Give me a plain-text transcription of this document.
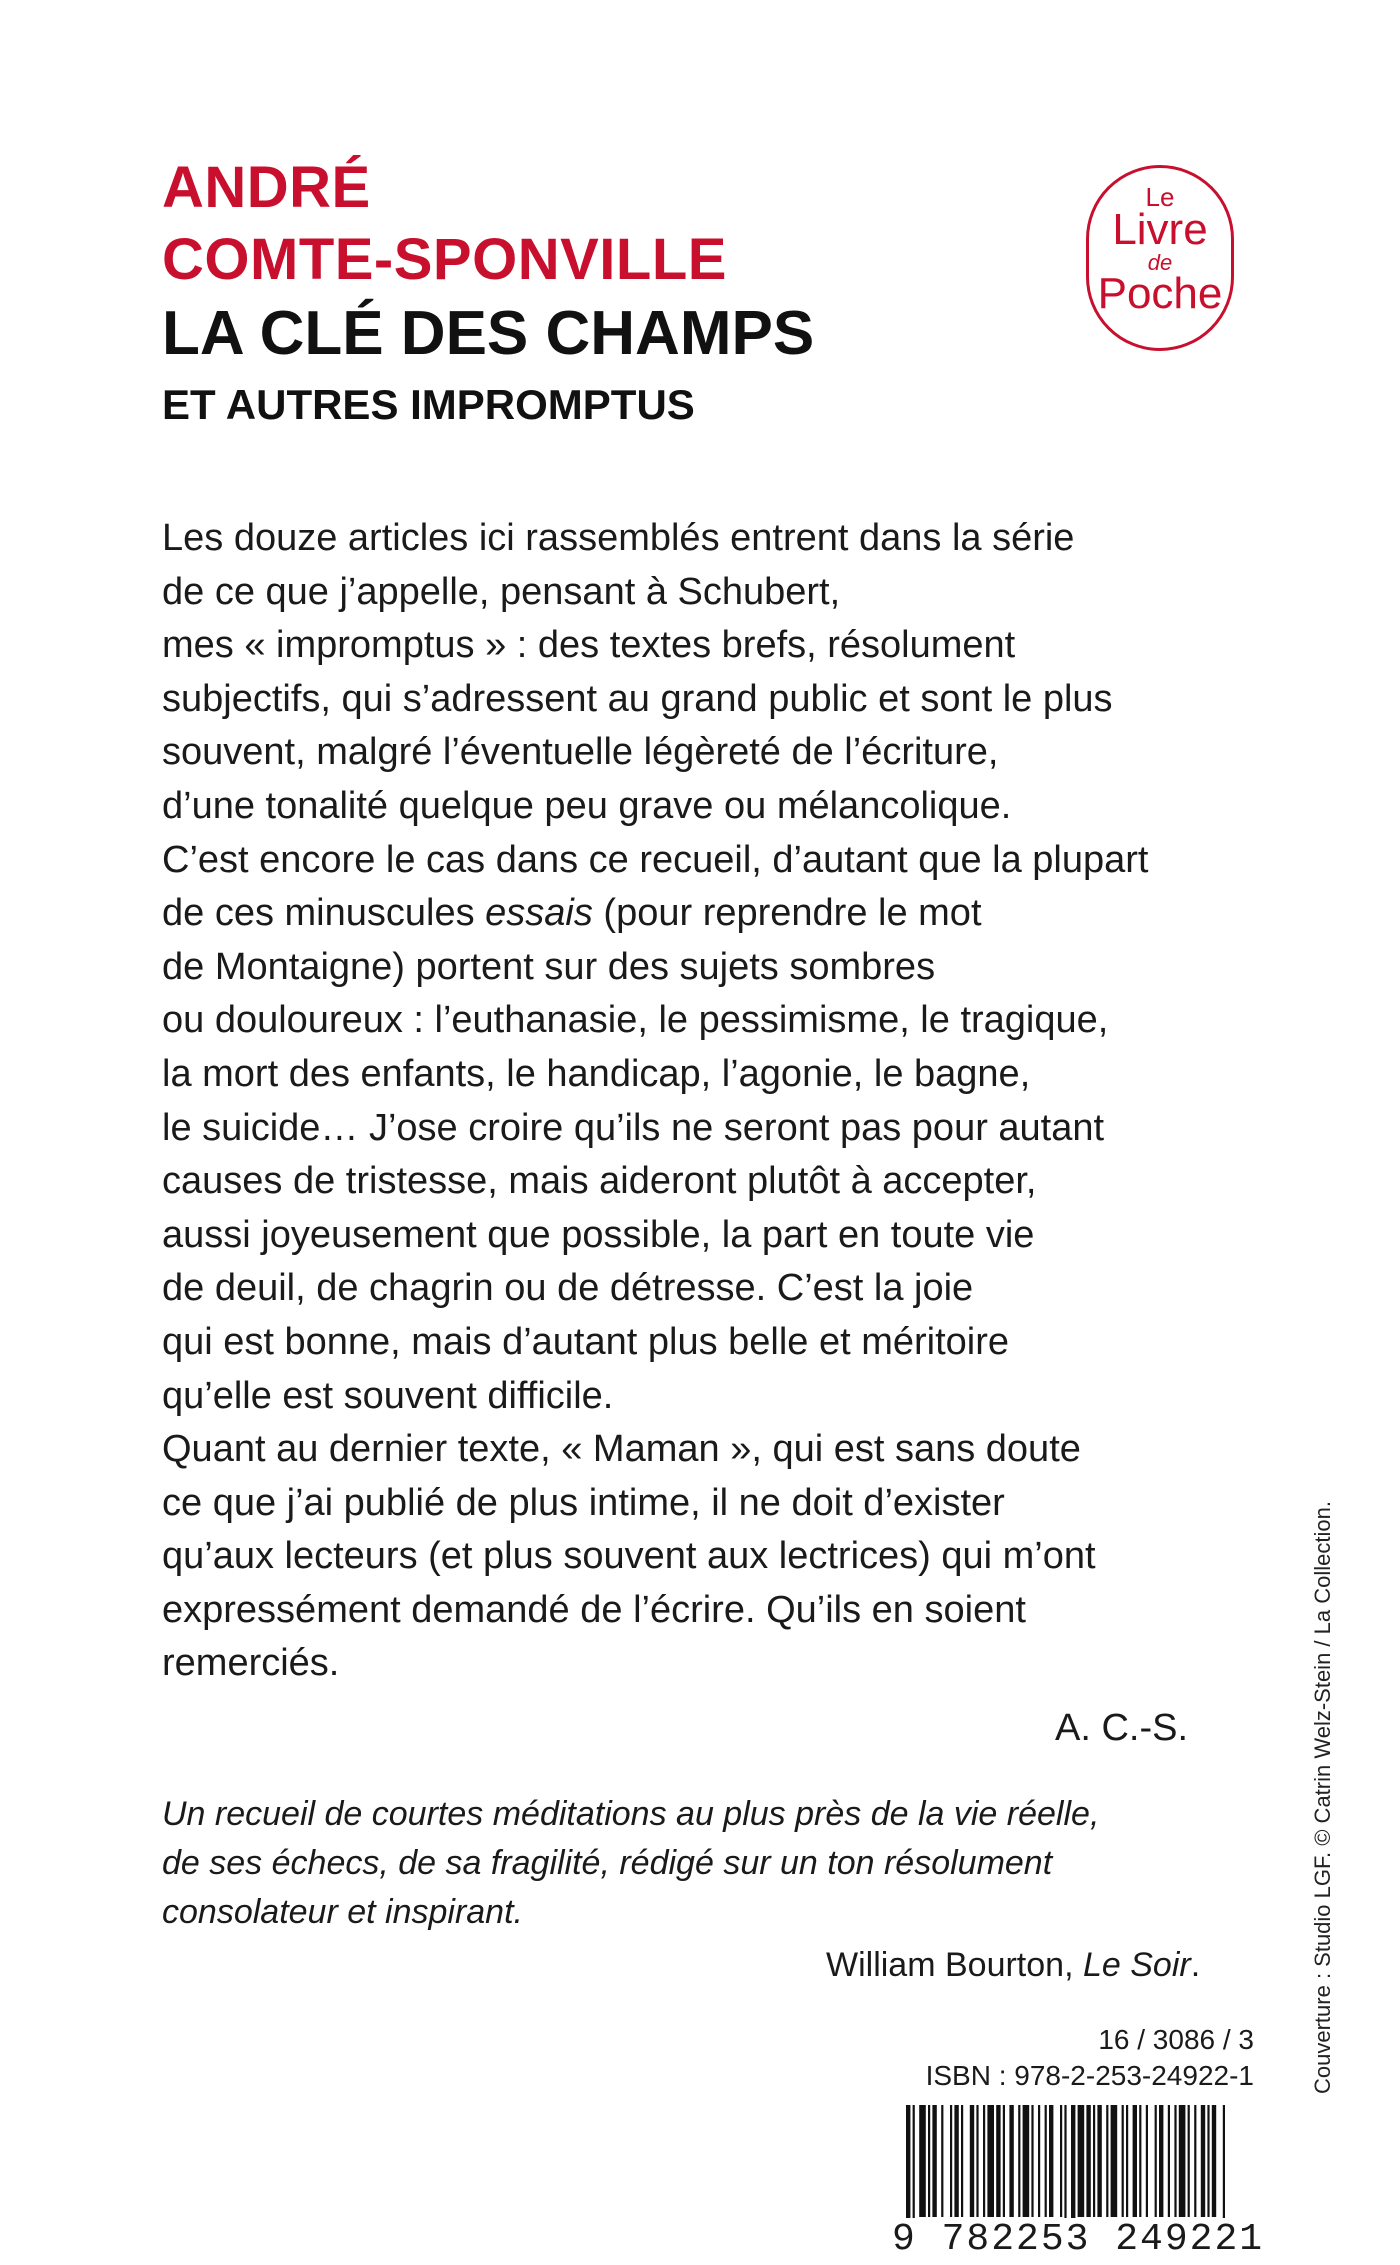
ANDRÉ
COMTE-SPONVILLE
LA CLÉ DES CHAMPS
ET AUTRES IMPROMPTUS
Le
Livre
de
Poche
Les douze articles ici rassemblés entrent dans la série
de ce que j’appelle, pensant à Schubert,
mes « impromptus » : des textes brefs, résolument
subjectifs, qui s’adressent au grand public et sont le plus
souvent, malgré l’éventuelle légèreté de l’écriture,
d’une tonalité quelque peu grave ou mélancolique.
C’est encore le cas dans ce recueil, d’autant que la plupart
de ces minuscules essais (pour reprendre le mot
de Montaigne) portent sur des sujets sombres
ou douloureux : l’euthanasie, le pessimisme, le tragique,
la mort des enfants, le handicap, l’agonie, le bagne,
le suicide… J’ose croire qu’ils ne seront pas pour autant
causes de tristesse, mais aideront plutôt à accepter,
aussi joyeusement que possible, la part en toute vie
de deuil, de chagrin ou de détresse. C’est la joie
qui est bonne, mais d’autant plus belle et méritoire
qu’elle est souvent difficile.
Quant au dernier texte, « Maman », qui est sans doute
ce que j’ai publié de plus intime, il ne doit d’exister
qu’aux lecteurs (et plus souvent aux lectrices) qui m’ont
expressément demandé de l’écrire. Qu’ils en soient
remerciés.
A. C.-S.
Un recueil de courtes méditations au plus près de la vie réelle,
de ses échecs, de sa fragilité, rédigé sur un ton résolument
consolateur et inspirant.
William Bourton, Le Soir.
16 / 3086 / 3
ISBN : 978-2-253-24922-1	Couverture : Studio LGF. © Catrin Welz-Stein / La Collection.
9 782253 249221
